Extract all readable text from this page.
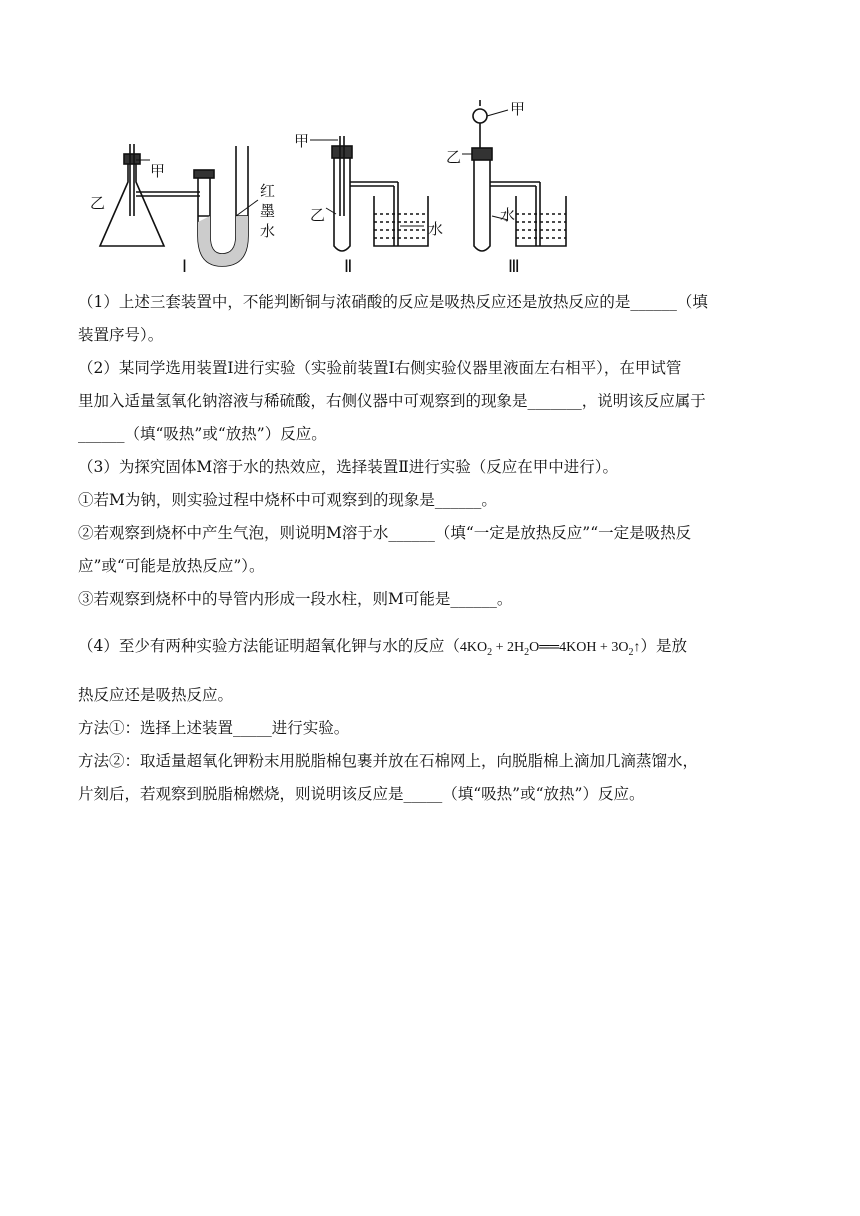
甲
乙
红
墨
水
Ⅰ
甲
乙
水
Ⅱ
甲
乙
水
Ⅲ

（1）上述三套装置中，不能判断铜与浓硝酸的反应是吸热反应还是放热反应的是______（填

装置序号）。

（2）某同学选用装置Ⅰ进行实验（实验前装置Ⅰ右侧实验仪器里液面左右相平），在甲试管

里加入适量氢氧化钠溶液与稀硫酸，右侧仪器中可观察到的现象是_______，说明该反应属于

______（填“吸热”或“放热”）反应。

（3）为探究固体M溶于水的热效应，选择装置Ⅱ进行实验（反应在甲中进行）。

①若M为钠，则实验过程中烧杯中可观察到的现象是______。

②若观察到烧杯中产生气泡，则说明M溶于水______（填“一定是放热反应”“一定是吸热反

应”或“可能是放热反应”）。

③若观察到烧杯中的导管内形成一段水柱，则M可能是______。

（4）至少有两种实验方法能证明超氧化钾与水的反应（$4KO_2$ + $2H_2O══4KOH$ + $3O_2↑$）是放

热反应还是吸热反应。

方法①：选择上述装置_____进行实验。

方法②：取适量超氧化钾粉末用脱脂棉包裹并放在石棉网上，向脱脂棉上滴加几滴蒸馏水，

片刻后，若观察到脱脂棉燃烧，则说明该反应是_____（填“吸热”或“放热”）反应。
